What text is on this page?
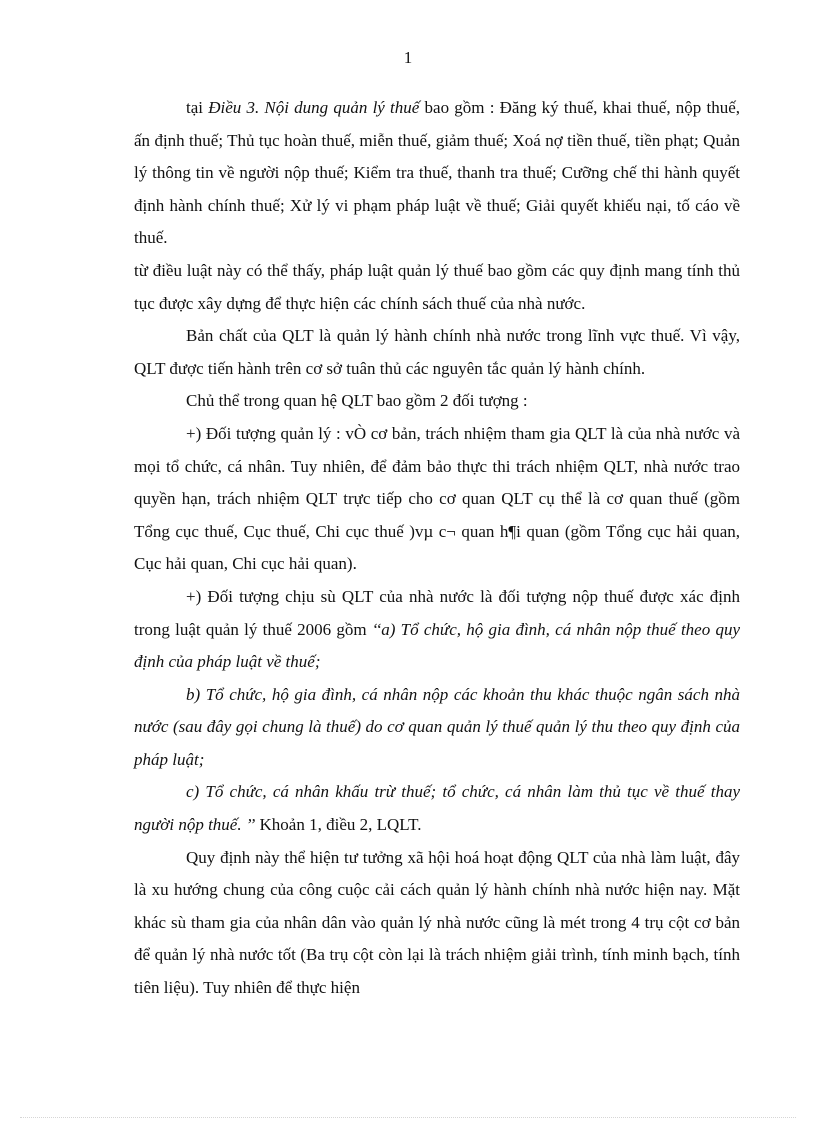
1

tại Điều 3. Nội dung quản lý thuế bao gồm : Đăng ký thuế, khai thuế, nộp thuế, ấn định thuế; Thủ tục hoàn thuế, miễn thuế, giảm thuế; Xoá nợ tiền thuế, tiền phạt; Quản lý thông tin về người nộp thuế; Kiểm tra thuế, thanh tra thuế; Cưỡng chế thi hành quyết định hành chính thuế; Xử lý vi phạm pháp luật về thuế; Giải quyết khiếu nại, tố cáo về thuế.

từ điều luật này có thể thấy, pháp luật quản lý thuế bao gồm các quy định mang tính thủ tục được xây dựng để thực hiện các chính sách thuế của nhà nước.

Bản chất của QLT là quản lý hành chính nhà nước trong lĩnh vực thuế. Vì vậy, QLT được tiến hành trên cơ sở tuân thủ các nguyên tắc quản lý hành chính.

Chủ thể trong quan hệ QLT bao gồm 2 đối tượng :

+) Đối tượng quản lý : vÒ cơ bản, trách nhiệm tham gia QLT là của nhà nước và mọi tổ chức, cá nhân. Tuy nhiên, để đảm bảo thực thi trách nhiệm QLT, nhà nước trao quyền hạn, trách nhiệm QLT trực tiếp cho cơ quan QLT cụ thể là cơ quan thuế (gồm Tổng cục thuế, Cục thuế, Chi cục thuế )vµ c¬ quan h¶i quan (gồm Tổng cục hải quan, Cục hải quan, Chi cục hải quan).

+) Đối tượng chịu sù QLT của nhà nước là đối tượng nộp thuế được xác định trong luật quản lý thuế 2006 gồm ‘‘a) Tổ chức, hộ gia đình, cá nhân nộp thuế theo quy định của pháp luật về thuế;

b) Tổ chức, hộ gia đình, cá nhân nộp các khoản thu khác thuộc ngân sách nhà nước (sau đây gọi chung là thuế) do cơ quan quản lý thuế quản lý thu theo quy định của pháp luật;

c) Tổ chức, cá nhân khấu trừ thuế; tổ chức, cá nhân làm thủ tục về thuế thay người nộp thuế. ’’ Khoản 1, điều 2, LQLT.

Quy định này thể hiện tư tưởng xã hội hoá hoạt động QLT của nhà làm luật, đây là xu hướng chung của công cuộc cải cách quản lý hành chính nhà nước hiện nay. Mặt khác sù tham gia của nhân dân vào quản lý nhà nước cũng là mét trong 4 trụ cột cơ bản để quản lý nhà nước tốt (Ba trụ cột còn lại là trách nhiệm giải trình, tính minh bạch, tính tiên liệu). Tuy nhiên để thực hiện
